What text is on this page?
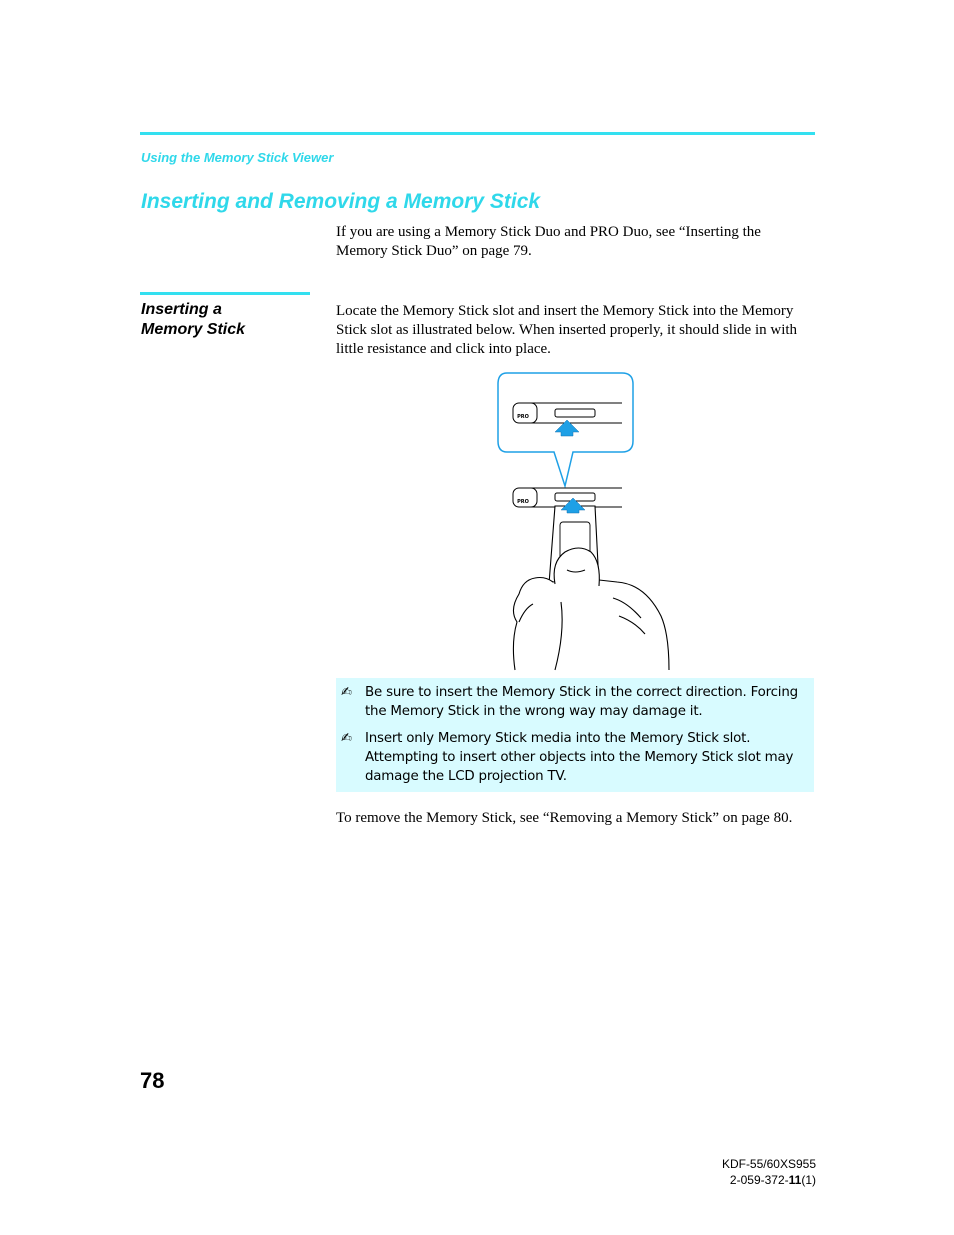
Using the Memory Stick Viewer
Inserting and Removing a Memory Stick

If you are using a Memory Stick Duo and PRO Duo, see “Inserting the Memory Stick Duo” on page 79.

Inserting a
Memory Stick

Locate the Memory Stick slot and insert the Memory Stick into the Memory Stick slot as illustrated below. When inserted properly, it should slide in with little resistance and click into place.

PRO
PRO
✍ Be sure to insert the Memory Stick in the correct direction. Forcing the Memory Stick in the wrong way may damage it.
✍ Insert only Memory Stick media into the Memory Stick slot. Attempting to insert other objects into the Memory Stick slot may damage the LCD projection TV.

To remove the Memory Stick, see “Removing a Memory Stick” on page 80.

78
KDF-55/60XS955
2-059-372-11(1)
